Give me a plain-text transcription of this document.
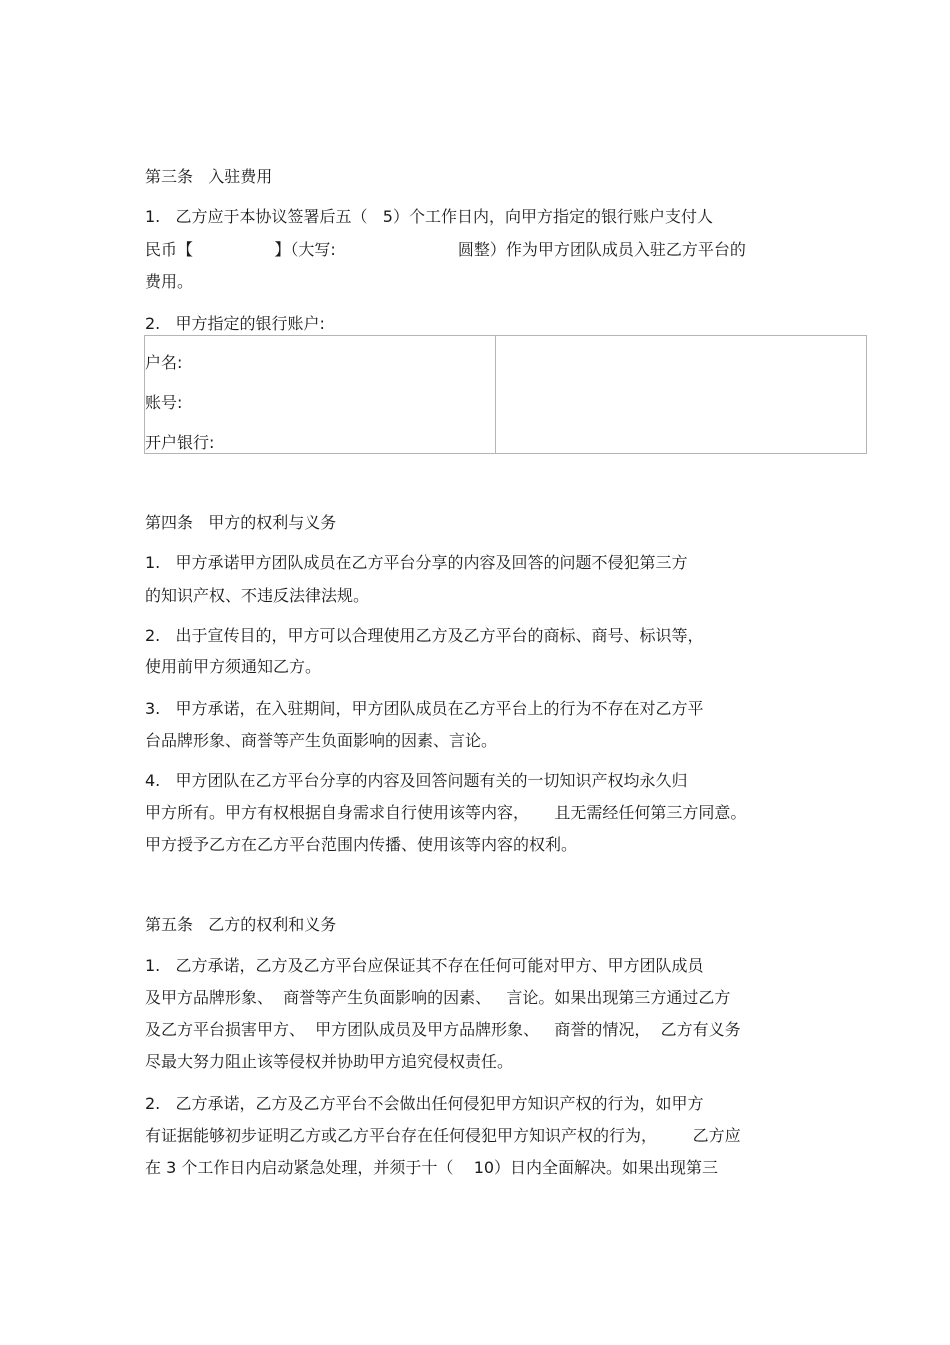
第三条   入驻费用
1.   乙方应于本协议签署后五（   5）个工作日内，向甲方指定的银行账户支付人
民币【                】（大写:                        圆整）作为甲方团队成员入驻乙方平台的
费用。
2.   甲方指定的银行账户:
户名:
账号:
开户银行:
第四条   甲方的权利与义务
1.   甲方承诺甲方团队成员在乙方平台分享的内容及回答的问题不侵犯第三方
的知识产权、不违反法律法规。
2.   出于宣传目的，甲方可以合理使用乙方及乙方平台的商标、商号、标识等，
使用前甲方须通知乙方。
3.   甲方承诺，在入驻期间，甲方团队成员在乙方平台上的行为不存在对乙方平
台品牌形象、商誉等产生负面影响的因素、言论。
4.   甲方团队在乙方平台分享的内容及回答问题有关的一切知识产权均永久归
甲方所有。甲方有权根据自身需求自行使用该等内容，     且无需经任何第三方同意。
甲方授予乙方在乙方平台范围内传播、使用该等内容的权利。
第五条   乙方的权利和义务
1.   乙方承诺，乙方及乙方平台应保证其不存在任何可能对甲方、甲方团队成员
及甲方品牌形象、  商誉等产生负面影响的因素、   言论。如果出现第三方通过乙方
及乙方平台损害甲方、  甲方团队成员及甲方品牌形象、   商誉的情况，  乙方有义务
尽最大努力阻止该等侵权并协助甲方追究侵权责任。
2.   乙方承诺，乙方及乙方平台不会做出任何侵犯甲方知识产权的行为，如甲方
有证据能够初步证明乙方或乙方平台存在任何侵犯甲方知识产权的行为，       乙方应
在 3 个工作日内启动紧急处理，并须于十（    10）日内全面解决。如果出现第三
